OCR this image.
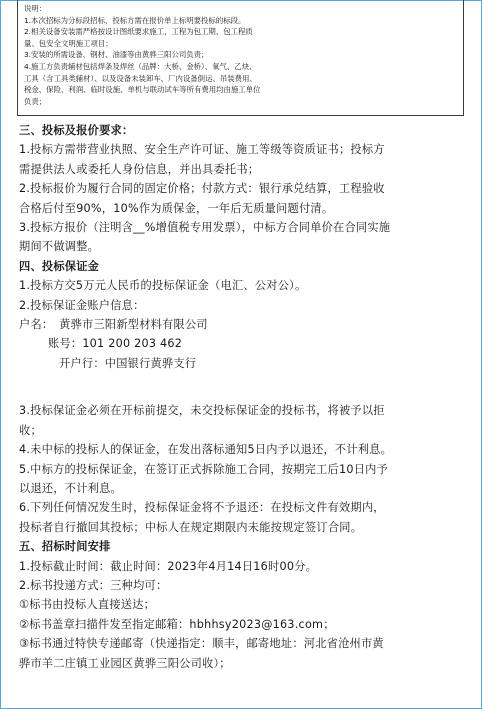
说明：
1.本次招标为分标段招标，投标方需在报价单上标明要投标的标段。
2.相关设备安装需严格按设计图纸要求施工，工程为包工期、包工程质
量、包安全文明施工项目；
3.安装的所需设备、钢材、油漆等由黄骅三阳公司负责；
4.施工方负责辅材包括焊条及焊丝（品牌：大桥、金桥）、氧气、乙炔、
工具（含工具类辅材）、以及设备未装卸车、厂内设备倒运、吊装费用、
税金、保险、利润、临时设施、单机与联动试车等所有费用均由施工单位
负责；
三、投标及报价要求：
1.投标方需带营业执照、安全生产许可证、施工等级等资质证书；投标方
需提供法人或委托人身份信息，并出具委托书；
2.投标报价为履行合同的固定价格；付款方式：银行承兑结算，工程验收
合格后付至90%，10%作为质保金，一年后无质量问题付清。
3.投标方报价（注明含__%增值税专用发票），中标方合同单价在合同实施
期间不做调整。
四、投标保证金
1.投标方交5万元人民币的投标保证金（电汇、公对公）。
2.投标保证金账户信息：
户名：　黄骅市三阳新型材料有限公司
账号：101 200 203 462
开户行：中国银行黄骅支行
3.投标保证金必须在开标前提交，未交投标保证金的投标书，将被予以拒
收；
4.未中标的投标人的保证金，在发出落标通知5日内予以退还，不计利息。
5.中标方的投标保证金，在签订正式拆除施工合同，按期完工后10日内予
以退还，不计利息。
6.下列任何情况发生时，投标保证金将不予退还：在投标文件有效期内，
投标者自行撤回其投标；中标人在规定期限内未能按规定签订合同。
五、招标时间安排
1.投标截止时间：截止时间：2023年4月14日16时00分。
2.标书投递方式：三种均可：
①标书由投标人直接送达；
②标书盖章扫描件发至指定邮箱：hbhhsy2023@163.com；
③标书通过特快专递邮寄（快递指定：顺丰，邮寄地址：河北省沧州市黄
骅市羊二庄镇工业园区黄骅三阳公司收）；
